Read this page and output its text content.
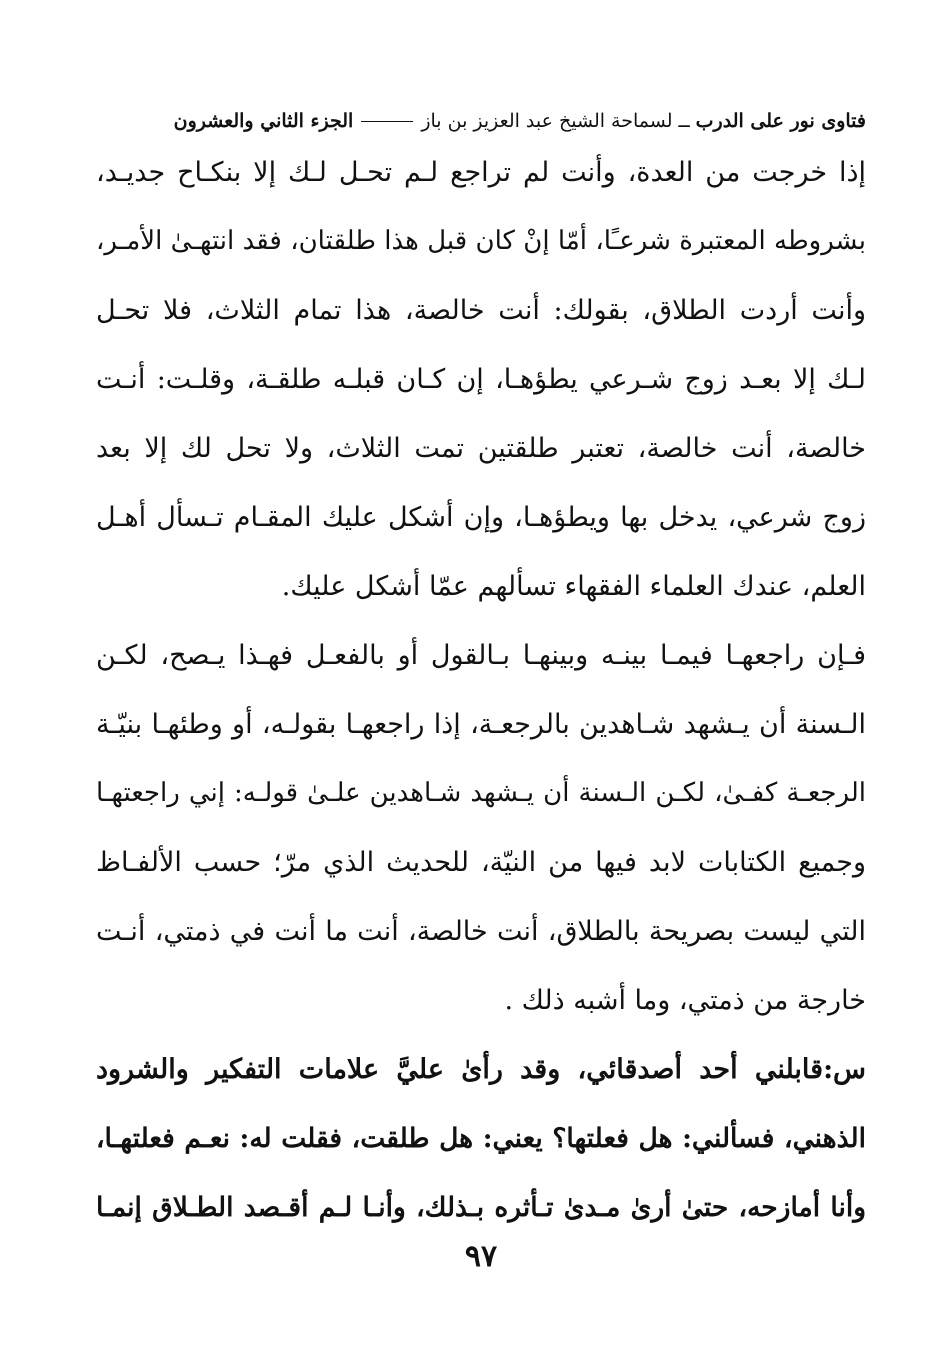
فتاوى نور على الدرب
ــ
لسماحة الشيخ عبد العزيز بن باز
الجزء الثاني والعشرون
إذا خرجت من العدة، وأنت لم تراجع لـم تحـل لـك إلا بنكـاح جديـد،
بشروطه المعتبرة شرعـًا، أمّا إنْ كان قبل هذا طلقتان، فقد انتهـىٰ الأمـر،
وأنت أردت الطلاق، بقولك: أنت خالصة، هذا تمام الثلاث، فلا تحـل
لـك إلا بعـد زوج شـرعي يطؤهـا، إن كـان قبلـه طلقـة، وقلـت: أنـت
خالصة، أنت خالصة، تعتبر طلقتين تمت الثلاث، ولا تحل لك إلا بعد
زوج شرعي، يدخل بها ويطؤهـا، وإن أشكل عليك المقـام تـسأل أهـل
العلم، عندك العلماء الفقهاء تسألهم عمّا أشكل عليك.
فـإن راجعهـا فيمـا بينـه وبينهـا بـالقول أو بالفعـل فهـذا يـصح، لكـن
الـسنة أن يـشهد شـاهدين بالرجعـة، إذا راجعهـا بقولـه، أو وطئهـا بنيّـة
الرجعـة كفـىٰ، لكـن الـسنة أن يـشهد شـاهدين علـىٰ قولـه: إني راجعتهـا
وجميع الكتابات لابد فيها من النيّة، للحديث الذي مرّ؛ حسب الألفـاظ
التي ليست بصريحة بالطلاق، أنت خالصة، أنت ما أنت في ذمتي، أنـت
خارجة من ذمتي، وما أشبه ذلك .
س:قابلني أحد أصدقائي، وقد رأىٰ عليَّ علامات التفكير والشرود
الذهني، فسألني: هل فعلتها؟ يعني: هل طلقت، فقلت له: نعـم فعلتهـا،
وأنا أمازحه، حتىٰ أرىٰ مـدىٰ تـأثره بـذلك، وأنـا لـم أقـصد الطـلاق إنمـا
٩٧
